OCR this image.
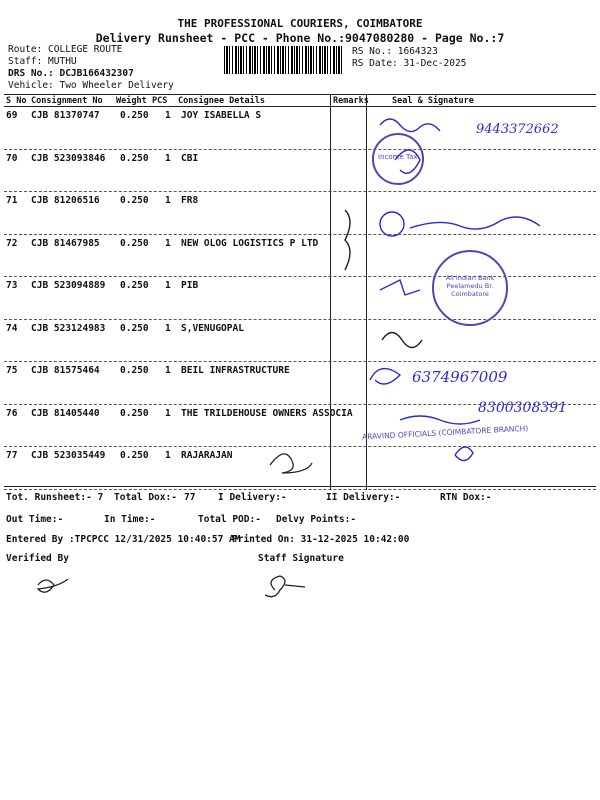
THE PROFESSIONAL COURIERS, COIMBATORE
Delivery Runsheet - PCC - Phone No.:9047080280 - Page No.:7
Route: COLLEGE ROUTE
Staff: MUTHU
DRS No.: DCJB166432307
Vehicle: Two Wheeler Delivery
RS No.: 1664323
RS Date: 31-Dec-2025
S No Consignment No Weight PCS Consignee Details	Remarks	Seal & Signature
69 CJB 81370747 0.250 1 JOY ISABELLA S
70 CJB 523093846 0.250 1 CBI
71 CJB 81206516 0.250 1 FR8
72 CJB 81467985 0.250 1 NEW OLOG LOGISTICS P LTD
73 CJB 523094889 0.250 1 PIB
74 CJB 523124983 0.250 1 S,VENUGOPAL
75 CJB 81575464 0.250 1 BEIL INFRASTRUCTURE
76 CJB 81405440 0.250 1 THE TRILDEHOUSE OWNERS ASSOCIA
77 CJB 523035449 0.250 1 RAJARAJAN
Income Tax
All Indian Bank Peelamedu Br. Coimbatore
ARAVIND OFFICIALS (COIMBATORE BRANCH)
9443372662
6374967009
8300308391
Tot. Runsheet:- 7 Total Dox:- 77 I Delivery:-	II Delivery:-	RTN Dox:-
Out Time:-	In Time:-	Total POD:- Delvy Points:-
Entered By :TPCPCC 12/31/2025 10:40:57 AM
Printed On: 31-12-2025 10:42:00
Verified By	Staff Signature
